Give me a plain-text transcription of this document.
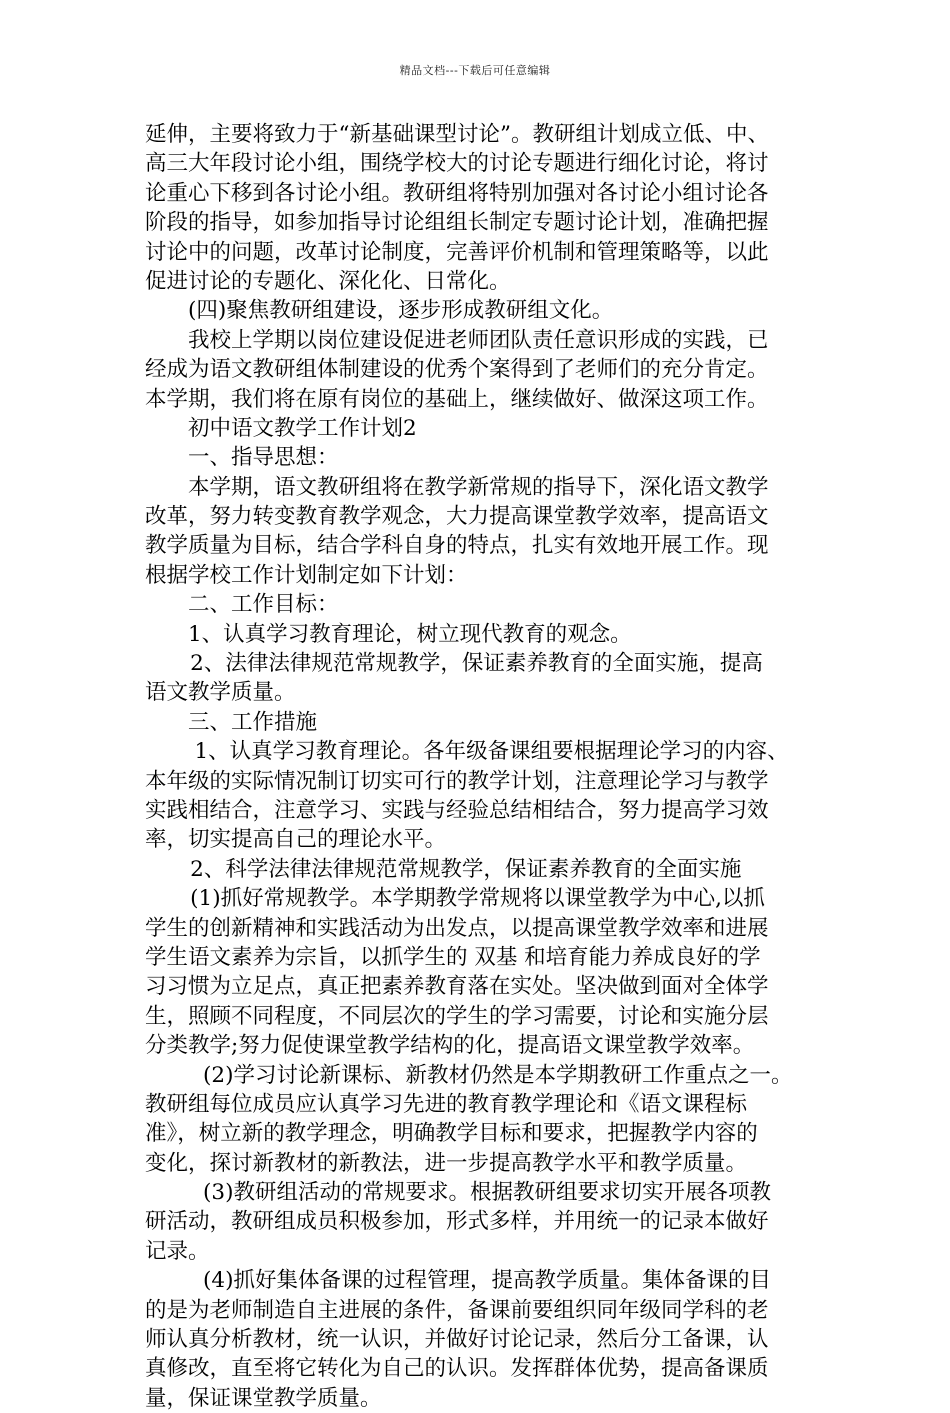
精品文档---下载后可任意编辑
延伸，主要将致力于“新基础课型讨论”。教研组计划成立低、中、
高三大年段讨论小组，围绕学校大的讨论专题进行细化讨论，将讨
论重心下移到各讨论小组。教研组将特别加强对各讨论小组讨论各
阶段的指导，如参加指导讨论组组长制定专题讨论计划，准确把握
讨论中的问题，改革讨论制度，完善评价机制和管理策略等，以此
促进讨论的专题化、深化化、日常化。
(四)聚焦教研组建设，逐步形成教研组文化。
我校上学期以岗位建设促进老师团队责任意识形成的实践，已
经成为语文教研组体制建设的优秀个案得到了老师们的充分肯定。
本学期，我们将在原有岗位的基础上，继续做好、做深这项工作。
初中语文教学工作计划2
一、指导思想：
本学期，语文教研组将在教学新常规的指导下，深化语文教学
改革，努力转变教育教学观念，大力提高课堂教学效率，提高语文
教学质量为目标，结合学科自身的特点，扎实有效地开展工作。现
根据学校工作计划制定如下计划：
二、工作目标：
1、认真学习教育理论，树立现代教育的观念。
2、法律法律规范常规教学，保证素养教育的全面实施，提高
语文教学质量。
三、工作措施
1、认真学习教育理论。各年级备课组要根据理论学习的内容、
本年级的实际情况制订切实可行的教学计划，注意理论学习与教学
实践相结合，注意学习、实践与经验总结相结合，努力提高学习效
率，切实提高自己的理论水平。
2、科学法律法律规范常规教学，保证素养教育的全面实施
(1)抓好常规教学。本学期教学常规将以课堂教学为中心,以抓
学生的创新精神和实践活动为出发点，以提高课堂教学效率和进展
学生语文素养为宗旨，以抓学生的 双基 和培育能力养成良好的学
习习惯为立足点，真正把素养教育落在实处。坚决做到面对全体学
生，照顾不同程度，不同层次的学生的学习需要，讨论和实施分层
分类教学;努力促使课堂教学结构的化，提高语文课堂教学效率。
(2)学习讨论新课标、新教材仍然是本学期教研工作重点之一。
教研组每位成员应认真学习先进的教育教学理论和《语文课程标
准》，树立新的教学理念，明确教学目标和要求，把握教学内容的
变化，探讨新教材的新教法，进一步提高教学水平和教学质量。
(3)教研组活动的常规要求。根据教研组要求切实开展各项教
研活动，教研组成员积极参加，形式多样，并用统一的记录本做好
记录。
(4)抓好集体备课的过程管理，提高教学质量。集体备课的目
的是为老师制造自主进展的条件，备课前要组织同年级同学科的老
师认真分析教材，统一认识，并做好讨论记录，然后分工备课，认
真修改，直至将它转化为自己的认识。发挥群体优势，提高备课质
量，保证课堂教学质量。
